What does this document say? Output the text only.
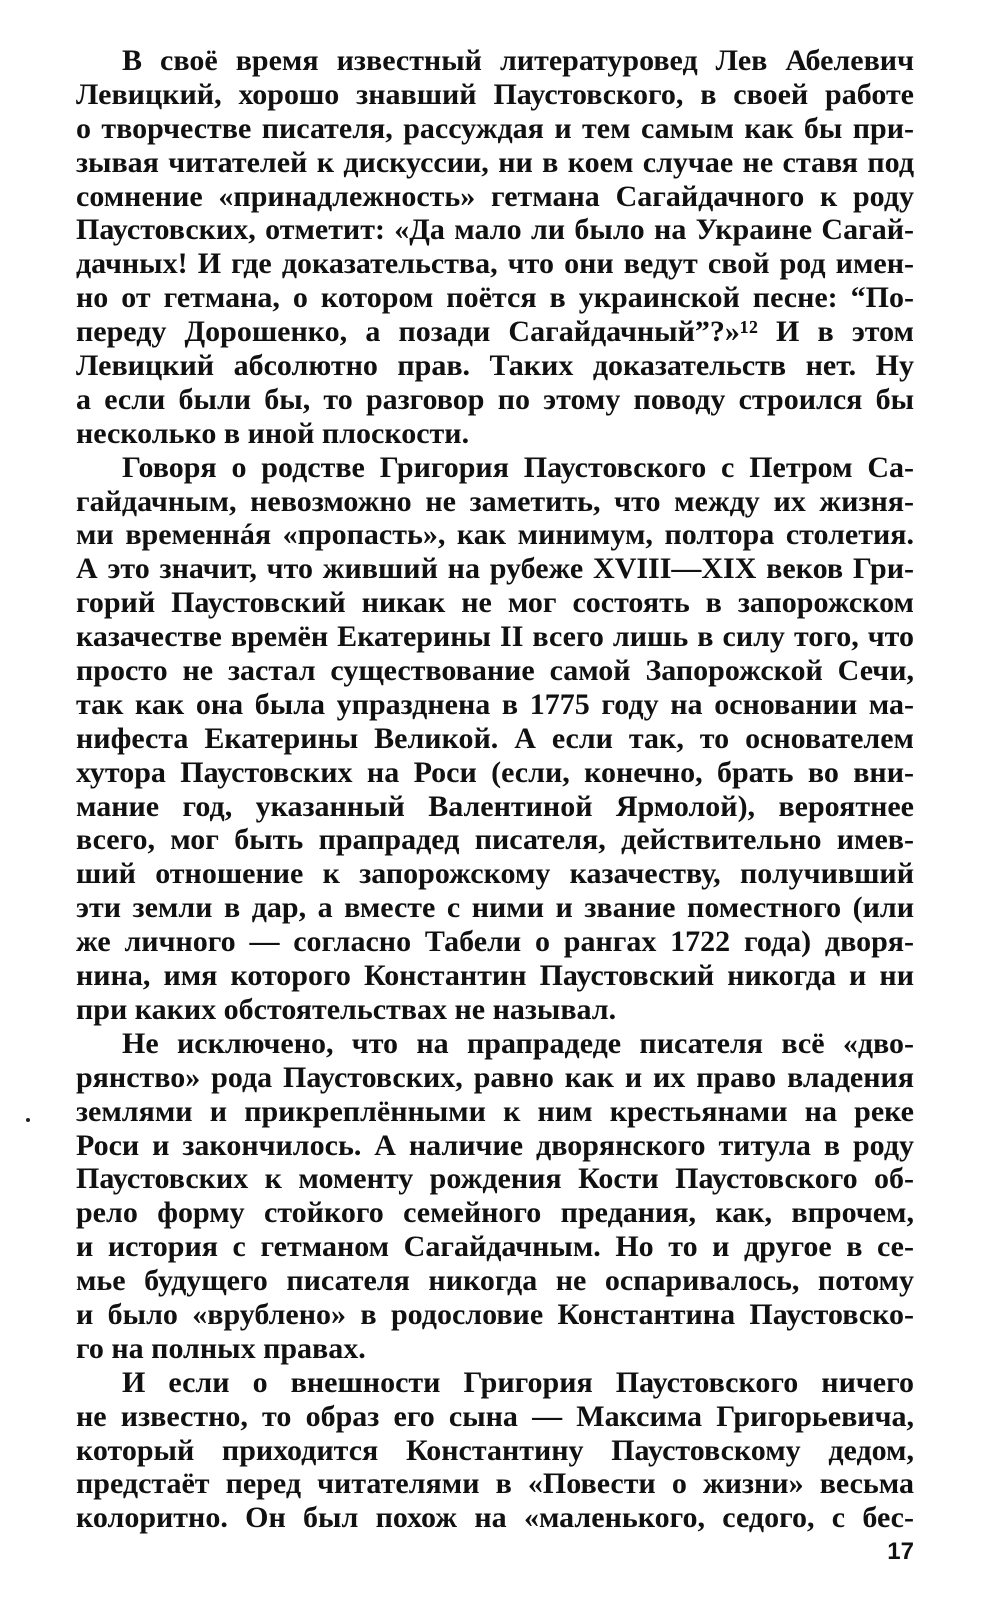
В своё время известный литературовед Лев Абелевич
Левицкий, хорошо знавший Паустовского, в своей работе
о творчестве писателя, рассуждая и тем самым как бы при-
зывая читателей к дискуссии, ни в коем случае не ставя под
сомнение «принадлежность» гетмана Сагайдачного к роду
Паустовских, отметит: «Да мало ли было на Украине Сагай-
дачных! И где доказательства, что они ведут свой род имен-
но от гетмана, о котором поётся в украинской песне: “По-
переду Дорошенко, а позади Сагайдачный”?»¹² И в этом
Левицкий абсолютно прав. Таких доказательств нет. Ну
а если были бы, то разговор по этому поводу строился бы
несколько в иной плоскости.
Говоря о родстве Григория Паустовского с Петром Са-
гайдачным, невозможно не заметить, что между их жизня-
ми временнáя «пропасть», как минимум, полтора столетия.
А это значит, что живший на рубеже XVIII—XIX веков Гри-
горий Паустовский никак не мог состоять в запорожском
казачестве времён Екатерины II всего лишь в силу того, что
просто не застал существование самой Запорожской Сечи,
так как она была упразднена в 1775 году на основании ма-
нифеста Екатерины Великой. А если так, то основателем
хутора Паустовских на Роси (если, конечно, брать во вни-
мание год, указанный Валентиной Ярмолой), вероятнее
всего, мог быть прапрадед писателя, действительно имев-
ший отношение к запорожскому казачеству, получивший
эти земли в дар, а вместе с ними и звание поместного (или
же личного — согласно Табели о рангах 1722 года) дворя-
нина, имя которого Константин Паустовский никогда и ни
при каких обстоятельствах не называл.
Не исключено, что на прапрадеде писателя всё «дво-
рянство» рода Паустовских, равно как и их право владения
землями и прикреплёнными к ним крестьянами на реке
Роси и закончилось. А наличие дворянского титула в роду
Паустовских к моменту рождения Кости Паустовского об-
рело форму стойкого семейного предания, как, впрочем,
и история с гетманом Сагайдачным. Но то и другое в се-
мье будущего писателя никогда не оспаривалось, потому
и было «врублено» в родословие Константина Паустовско-
го на полных правах.
И если о внешности Григория Паустовского ничего
не известно, то образ его сына — Максима Григорьевича,
который приходится Константину Паустовскому дедом,
предстаёт перед читателями в «Повести о жизни» весьма
колоритно. Он был похож на «маленького, седого, с бес-
17
